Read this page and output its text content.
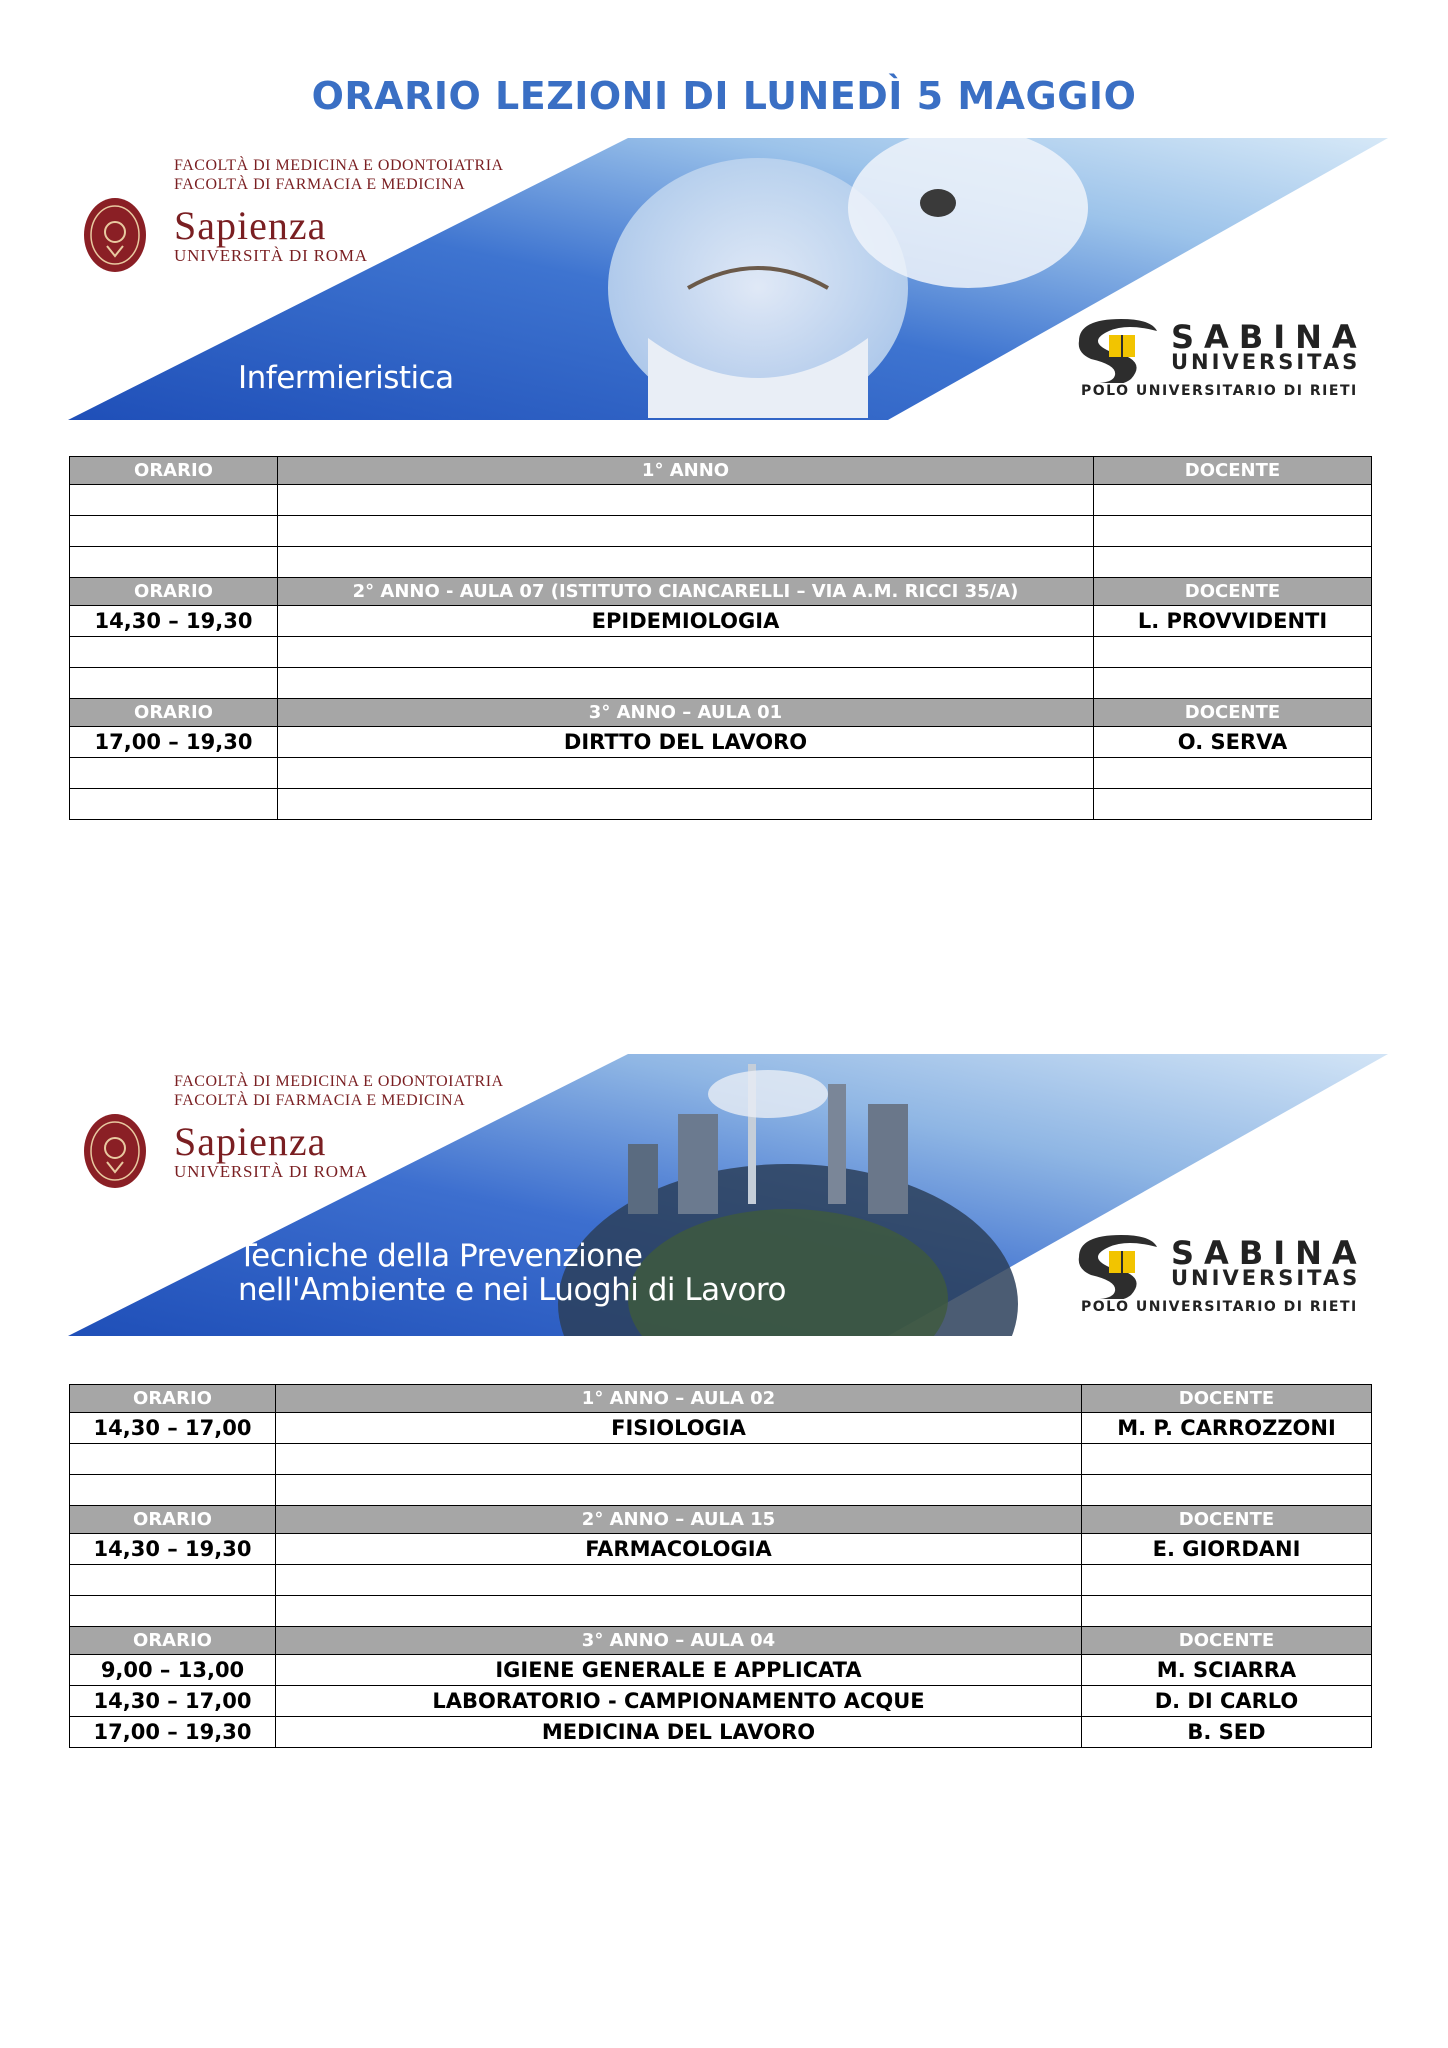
ORARIO LEZIONI DI LUNEDÌ 5 MAGGIO
FACOLTÀ DI MEDICINA E ODONTOIATRIA
FACOLTÀ DI FARMACIA E MEDICINA
Sapienza
UNIVERSITÀ DI ROMA
Infermieristica
SABINA
UNIVERSITAS
POLO UNIVERSITARIO DI RIETI
ORARIO	1° ANNO	DOCENTE

ORARIO	2° ANNO - AULA 07 (ISTITUTO CIANCARELLI – VIA A.M. RICCI 35/A)	DOCENTE
14,30 – 19,30	EPIDEMIOLOGIA	L. PROVVIDENTI

ORARIO	3° ANNO – AULA 01	DOCENTE
17,00 – 19,30	DIRTTO DEL LAVORO	O. SERVA

FACOLTÀ DI MEDICINA E ODONTOIATRIA
FACOLTÀ DI FARMACIA E MEDICINA
Sapienza
UNIVERSITÀ DI ROMA
Tecniche della Prevenzione
nell'Ambiente e nei Luoghi di Lavoro
SABINA
UNIVERSITAS
POLO UNIVERSITARIO DI RIETI
ORARIO	1° ANNO – AULA 02	DOCENTE
14,30 – 17,00	FISIOLOGIA	M. P. CARROZZONI

ORARIO	2° ANNO – AULA 15	DOCENTE
14,30 – 19,30	FARMACOLOGIA	E. GIORDANI

ORARIO	3° ANNO – AULA 04	DOCENTE
9,00 – 13,00	IGIENE GENERALE E APPLICATA	M. SCIARRA
14,30 – 17,00	LABORATORIO - CAMPIONAMENTO ACQUE	D. DI CARLO
17,00 – 19,30	MEDICINA DEL LAVORO	B. SED
